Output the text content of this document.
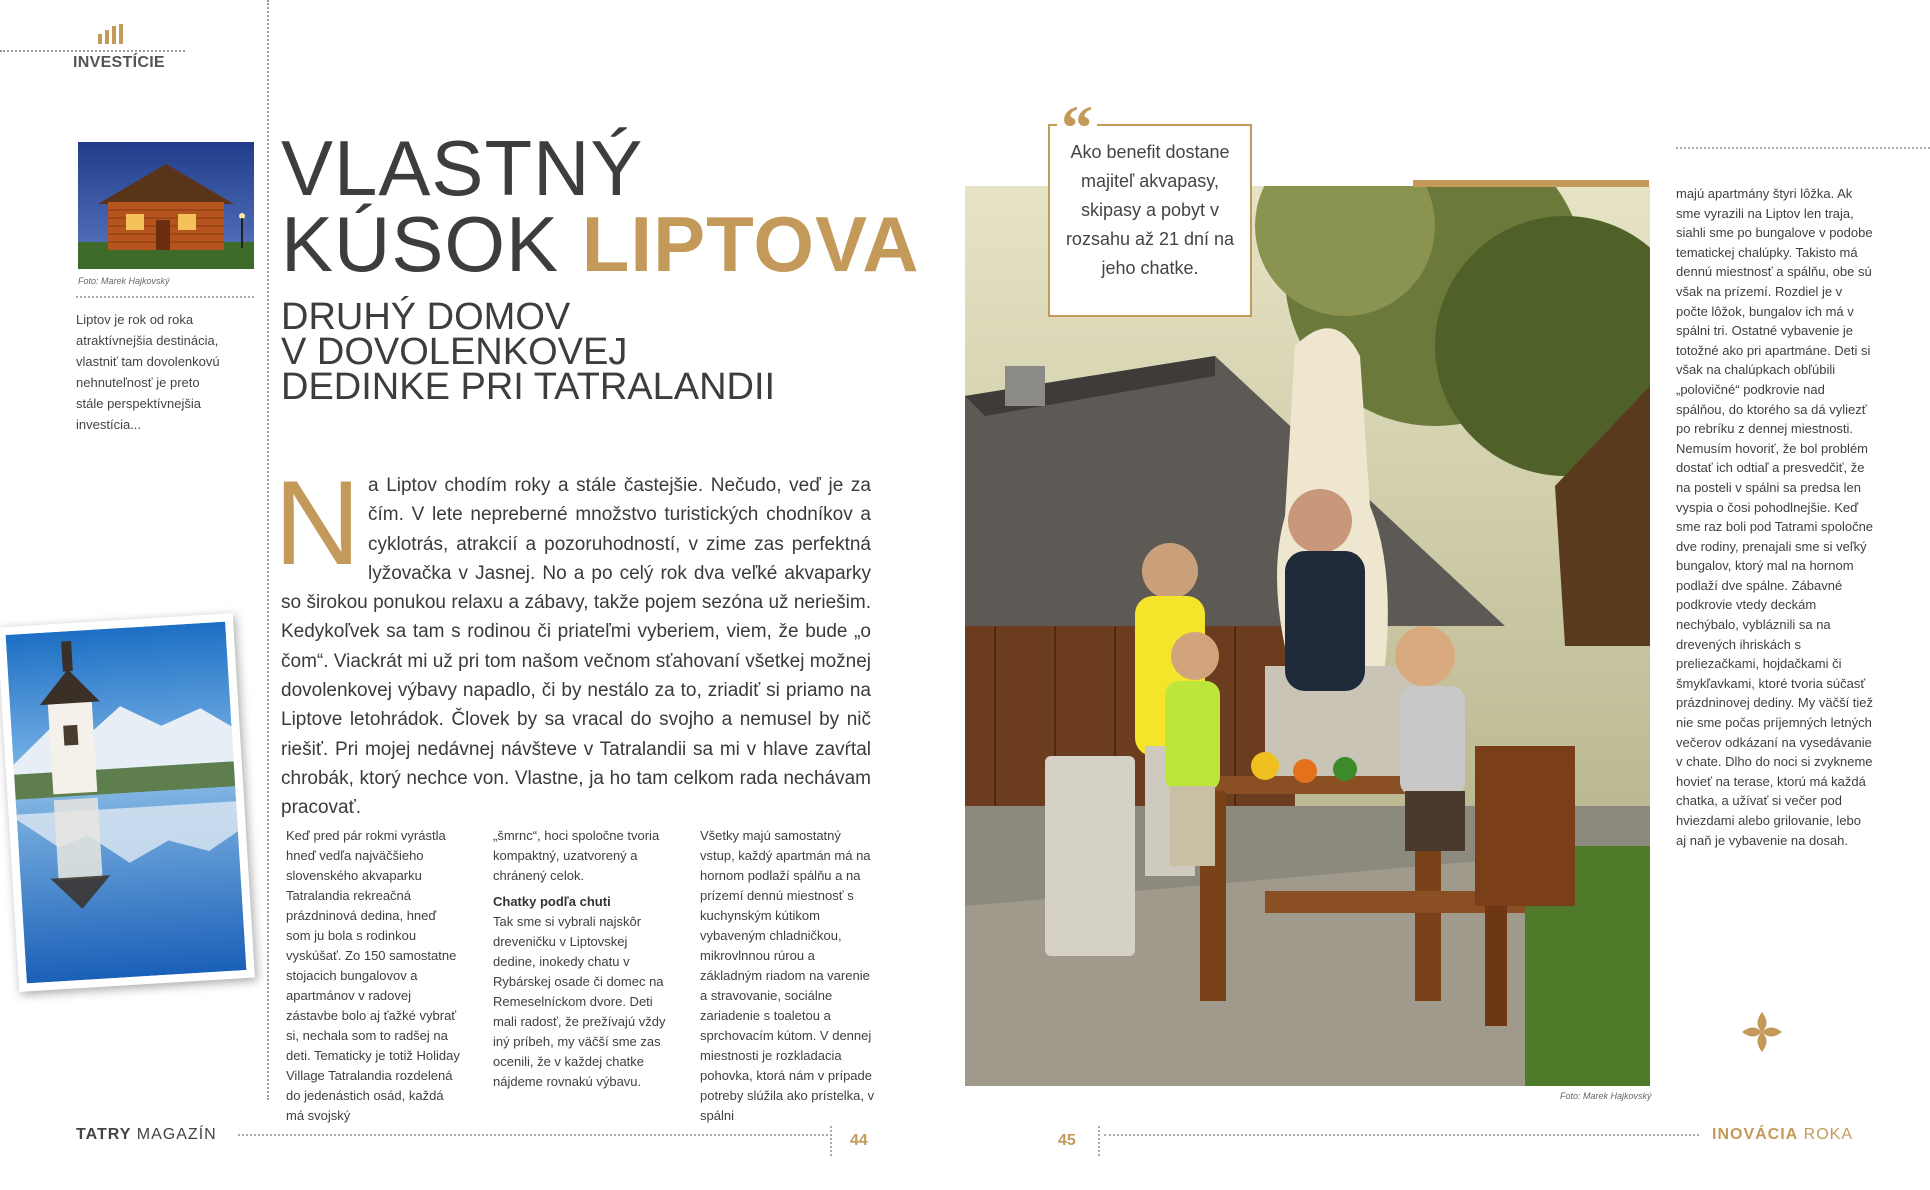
INVESTÍCIE
Foto: Marek Hajkovský
Liptov je rok od roka atraktívnejšia destinácia, vlastniť tam dovolenkovú nehnuteľnosť je preto stále perspektívnejšia investícia...
VLASTNÝ
KÚSOK LIPTOVA
DRUHÝ DOMOV
V DOVOLENKOVEJ
DEDINKE PRI TATRALANDII
N a Liptov chodím roky a stále častejšie. Nečudo, veď je za čím. V lete nepreberné množstvo turistických chodníkov a cyklotrás, atrakcií a pozoruhodností, v zime zas perfektná lyžovačka v Jasnej. No a po celý rok dva veľké akvaparky so širokou ponukou relaxu a zábavy, takže pojem sezóna už neriešim. Kedykoľvek sa tam s rodinou či priateľmi vyberiem, viem, že bude „o čom“. Viackrát mi už pri tom našom večnom sťahovaní všetkej možnej dovolenkovej výbavy napadlo, či by nestálo za to, zriadiť si priamo na Liptove letohrádok. Človek by sa vracal do svojho a nemusel by nič riešiť. Pri mojej nedávnej návšteve v Tatralandii sa mi v hlave zavŕtal chrobák, ktorý nechce von. Vlastne, ja ho tam celkom rada nechávam pracovať.

Keď pred pár rokmi vyrástla hneď vedľa najväčšieho slovenského akvaparku Tatralandia rekreačná prázdninová dedina, hneď som ju bola s rodinkou vyskúšať. Zo 150 samostatne stojacich bungalovov a apartmánov v radovej zástavbe bolo aj ťažké vybrať si, nechala som to radšej na deti. Tematicky je totiž Holiday Village Tatralandia rozdelená do jedenástich osád, každá má svojský

„šmrnc“, hoci spoločne tvoria kompaktný, uzatvorený a chránený celok.

Chatky podľa chuti

Tak sme si vybrali najskôr dreveničku v Liptovskej dedine, inokedy chatu v Rybárskej osade či domec na Remeselníckom dvore. Deti mali radosť, že prežívajú vždy iný príbeh, my väčší sme zas ocenili, že v každej chatke nájdeme rovnakú výbavu.

Všetky majú samostatný vstup, každý apartmán má na hornom podlaží spálňu a na prízemí dennú miestnosť s kuchynským kútikom vybaveným chladničkou, mikrovlnnou rúrou a základným riadom na varenie a stravovanie, sociálne zariadenie s toaletou a sprchovacím kútom. V dennej miestnosti je rozkladacia pohovka, ktorá nám v prípade potreby slúžila ako prístelka, v spálni

“
Ako benefit dostane majiteľ akvapasy, skipasy a pobyt v rozsahu až 21 dní na jeho chatke.
Foto: Marek Hajkovský
majú apartmány štyri lôžka. Ak sme vyrazili na Liptov len traja, siahli sme po bungalove v podobe tematickej chalúpky. Takisto má dennú miestnosť a spálňu, obe sú však na prízemí. Rozdiel je v počte lôžok, bungalov ich má v spálni tri. Ostatné vybavenie je totožné ako pri apartmáne. Deti si však na chalúpkach obľúbili „polovičné“ podkrovie nad spálňou, do ktorého sa dá vyliezť po rebríku z dennej miestnosti. Nemusím hovoriť, že bol problém dostať ich odtiaľ a presvedčiť, že na posteli v spálni sa predsa len vyspia o čosi pohodlnejšie. Keď sme raz boli pod Tatrami spoločne dve rodiny, prenajali sme si veľký bungalov, ktorý mal na hornom podlaží dve spálne. Zábavné podkrovie vtedy deckám nechýbalo, vybláznili sa na drevených ihriskách s preliezačkami, hojdačkami či šmykľavkami, ktoré tvoria súčasť prázdninovej dediny. My väčší tiež nie sme počas príjemných letných večerov odkázaní na vysedávanie v chate. Dlho do noci si zvykneme hovieť na terase, ktorú má každá chatka, a užívať si večer pod hviezdami alebo grilovanie, lebo aj naň je vybavenie na dosah.
TATRY MAGAZÍN	44	45	INOVÁCIA ROKA
